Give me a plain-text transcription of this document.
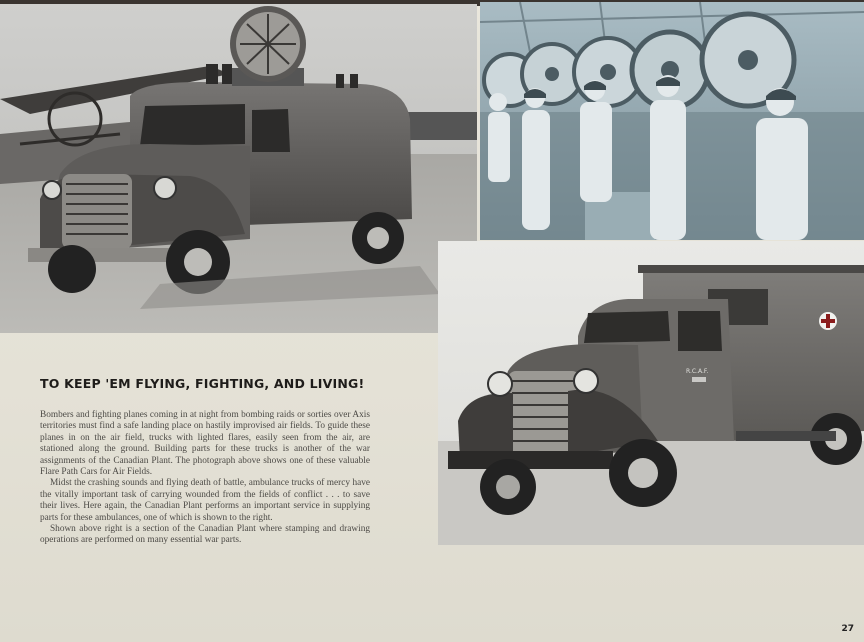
R.C.A.F.
TO KEEP 'EM FLYING, FIGHTING, AND LIVING!

Bombers and fighting planes coming in at night from bombing raids or sorties over Axis territories must find a safe landing place on hastily improvised air fields. To guide these planes in on the air field, trucks with lighted flares, easily seen from the air, are stationed along the ground. Building parts for these trucks is another of the war assignments of the Canadian Plant. The photograph above shows one of these valuable Flare Path Cars for Air Fields.

Midst the crashing sounds and flying death of battle, ambulance trucks of mercy have the vitally important task of carrying wounded from the fields of conflict . . . to save their lives. Here again, the Canadian Plant performs an important service in supplying parts for these ambulances, one of which is shown to the right.

Shown above right is a section of the Canadian Plant where stamping and drawing operations are performed on many essential war parts.

27
